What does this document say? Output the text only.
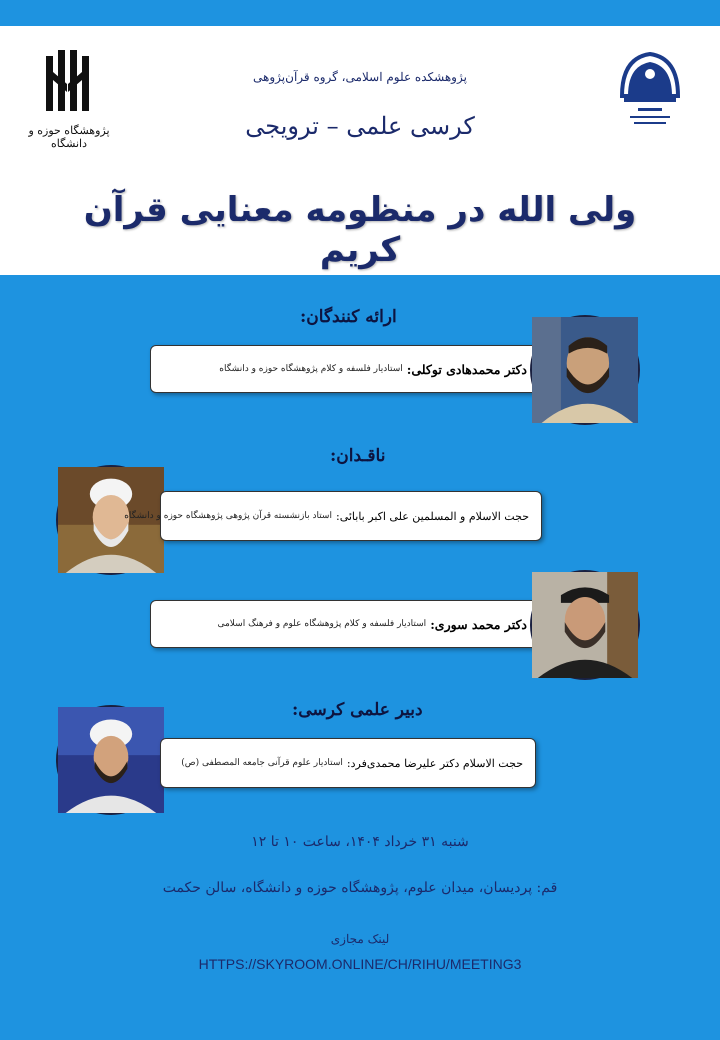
پژوهشگاه حوزه و دانشگاه
پژوهشکده علوم اسلامی، گروه قرآن‌پژوهی
کرسی علمی – ترویجی
ولی الله در منظومه معنایی قرآن کریم
ارائه کنندگان:
دکتر محمدهادی توکلی:
استادیار فلسفه و کلام پژوهشگاه حوزه و دانشگاه
ناقـدان:
حجت الاسلام و المسلمین علی اکبر بابائی:
استاد بازنشسته قرآن پژوهی پژوهشگاه حوزه و دانشگاه
دکتر محمد سوری:
استادیار فلسفه و کلام پژوهشگاه علوم و فرهنگ اسلامی
دبیر علمی کرسی:
حجت الاسلام دکتر علیرضا محمدی‌فرد:
استادیار علوم قرآنی جامعه المصطفی (ص)
شنبه ۳۱ خرداد ۱۴۰۴، ساعت ۱۰ تا ۱۲
قم: پردیسان، میدان علوم، پژوهشگاه حوزه و دانشگاه، سالن حکمت
لینک مجازی
HTTPS://SKYROOM.ONLINE/CH/RIHU/MEETING3
